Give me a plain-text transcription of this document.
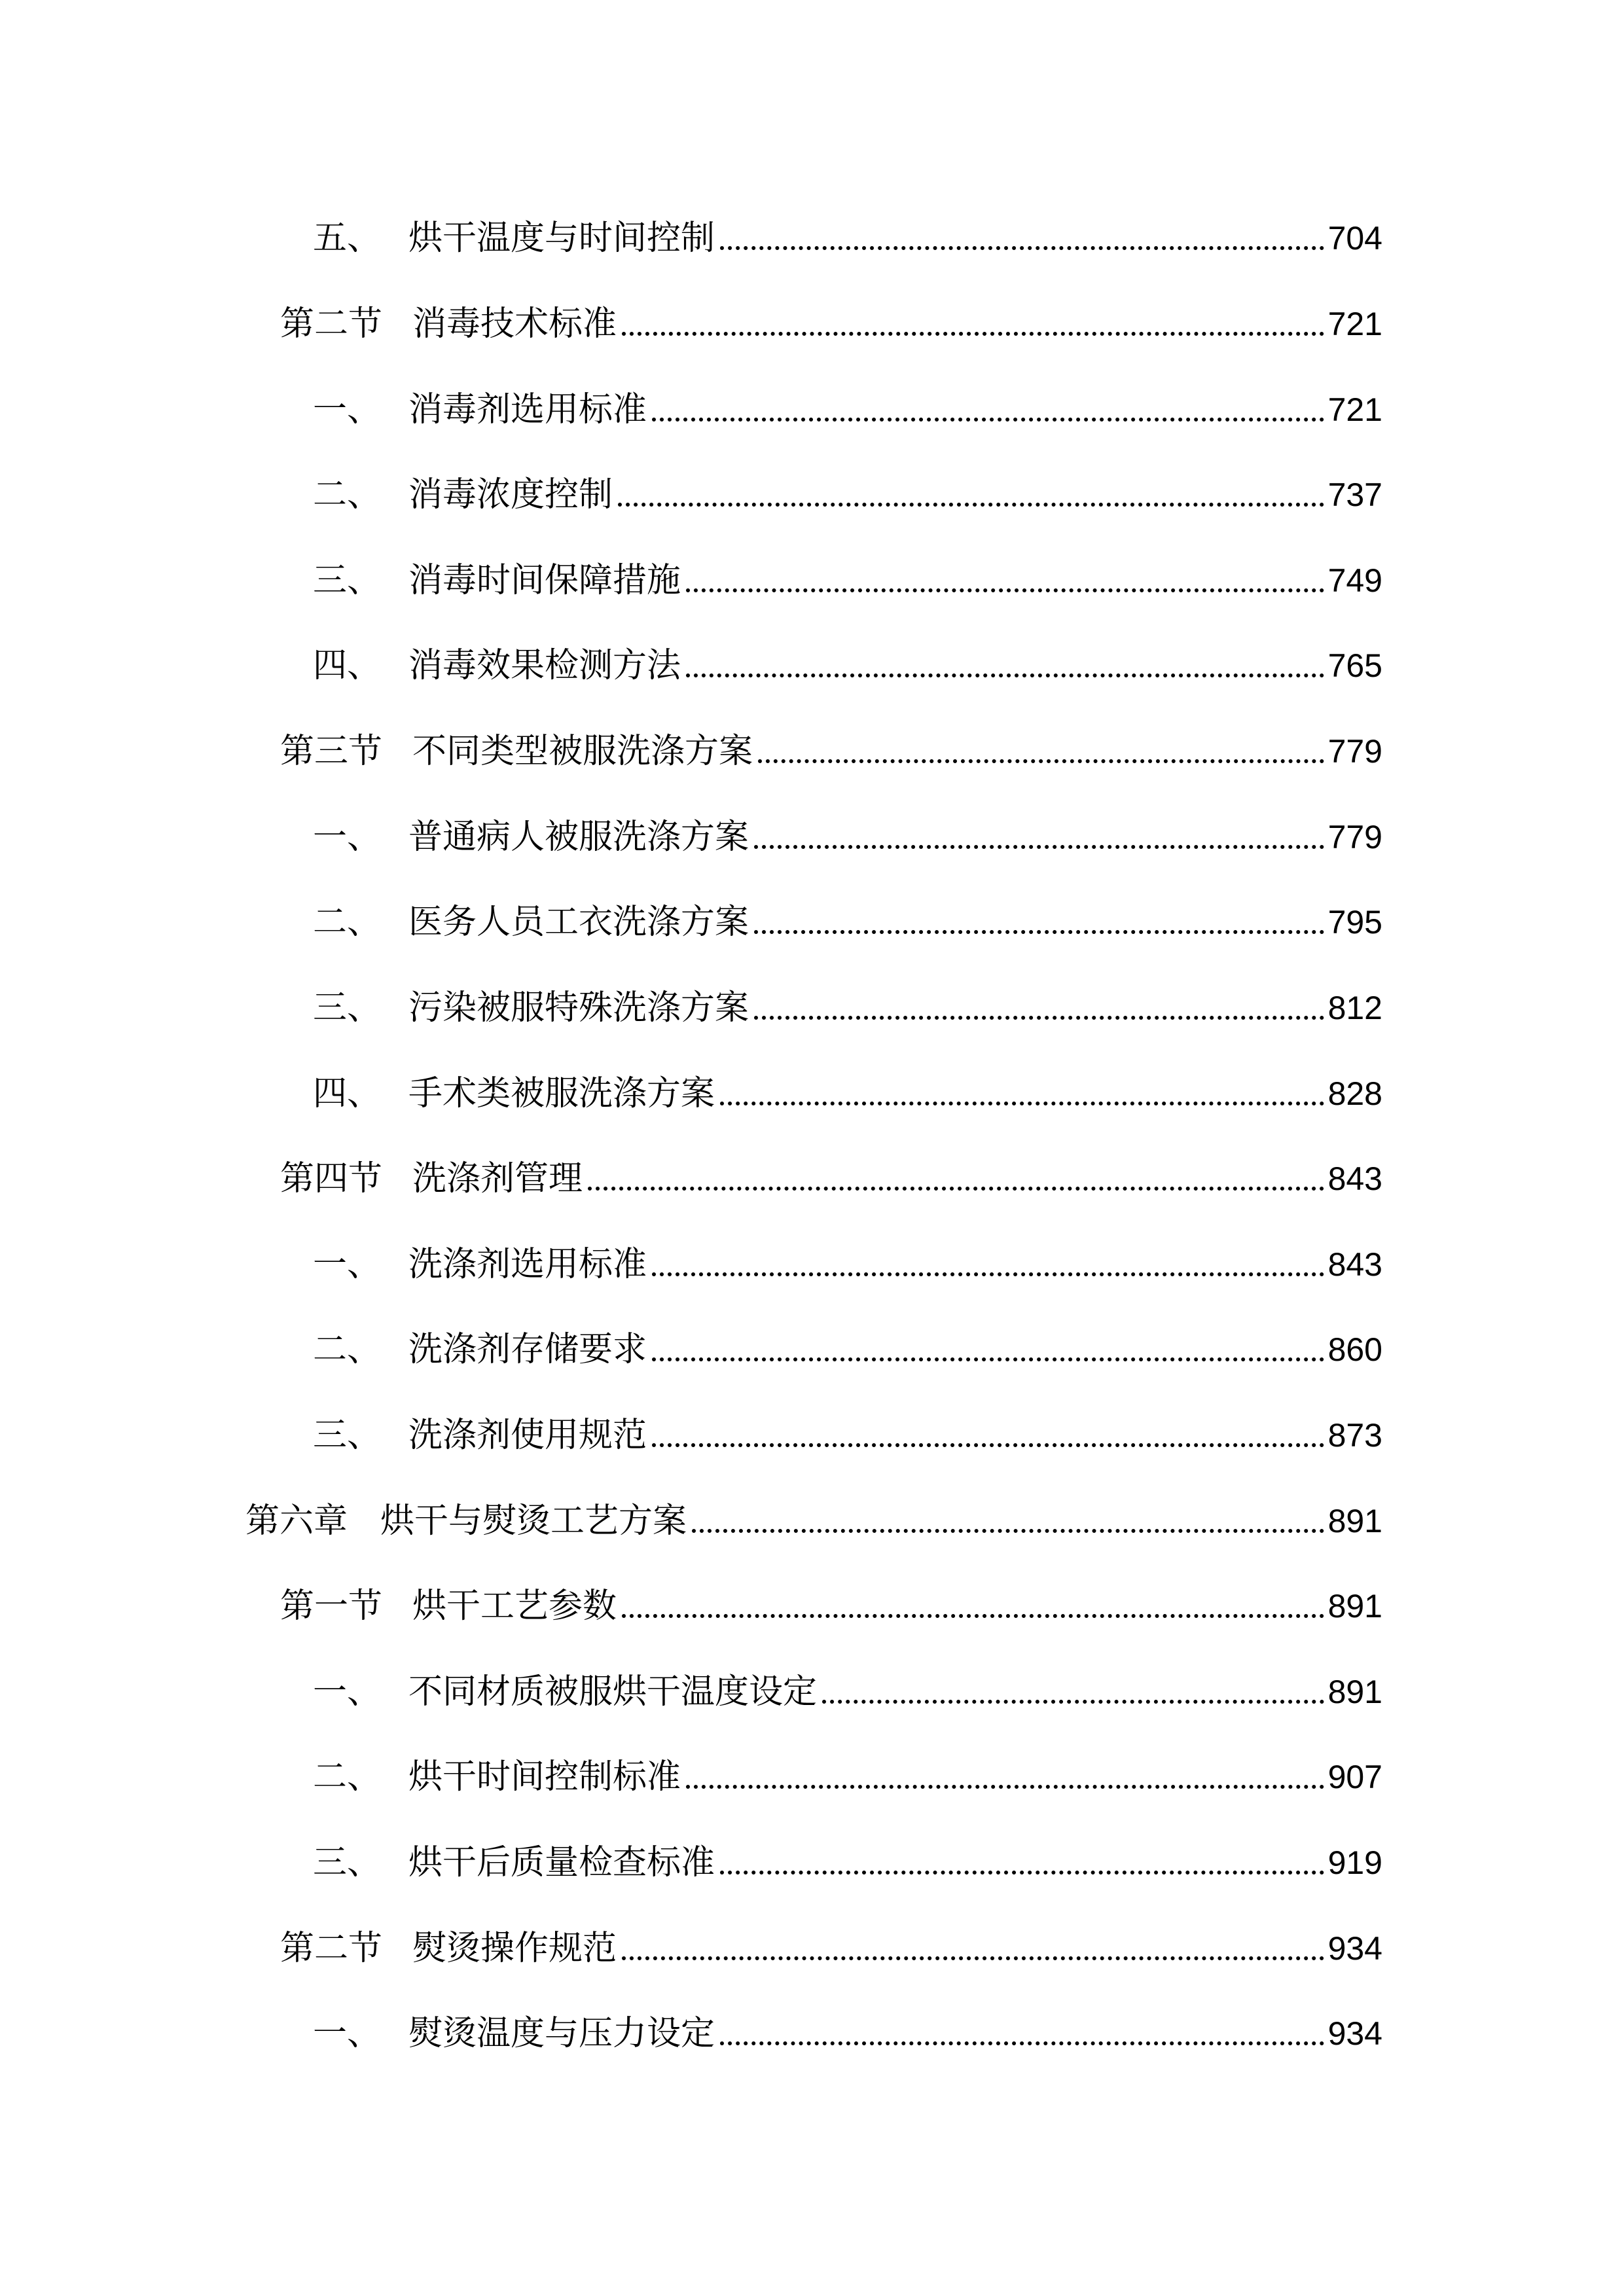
五、 烘干温度与时间控制	704
第二节 消毒技术标准	721
一、 消毒剂选用标准	721
二、 消毒浓度控制	737
三、 消毒时间保障措施	749
四、 消毒效果检测方法	765
第三节 不同类型被服洗涤方案	779
一、 普通病人被服洗涤方案	779
二、 医务人员工衣洗涤方案	795
三、 污染被服特殊洗涤方案	812
四、 手术类被服洗涤方案	828
第四节 洗涤剂管理	843
一、 洗涤剂选用标准	843
二、 洗涤剂存储要求	860
三、 洗涤剂使用规范	873
第六章 烘干与熨烫工艺方案	891
第一节 烘干工艺参数	891
一、 不同材质被服烘干温度设定	891
二、 烘干时间控制标准	907
三、 烘干后质量检查标准	919
第二节 熨烫操作规范	934
一、 熨烫温度与压力设定	934
